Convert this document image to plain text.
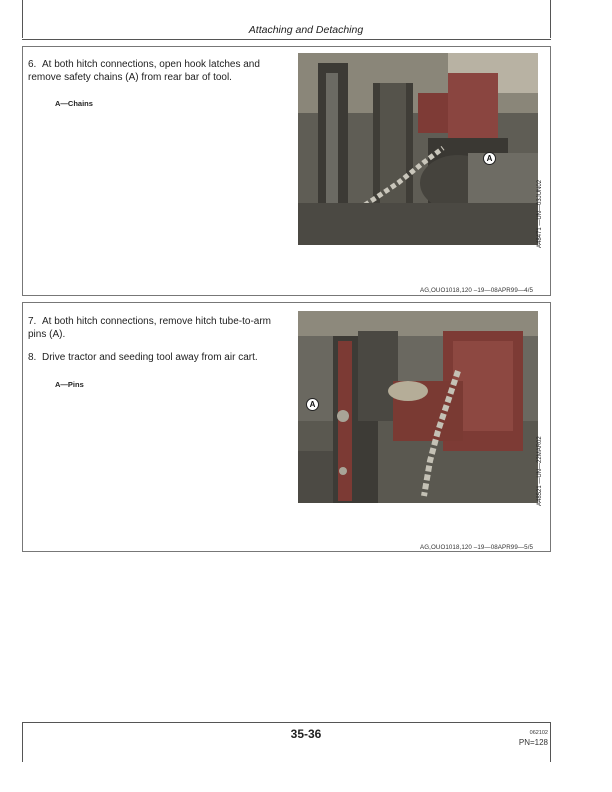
Attaching and Detaching
6. At both hitch connections, open hook latches and remove safety chains (A) from rear bar of tool.
A—Chains
A
A48471 —UN—03JUN02
AG,OUO1018,120 –19—08APR99—4/5
7. At both hitch connections, remove hitch tube-to-arm pins (A).
8. Drive tractor and seeding tool away from air cart.
A—Pins
A
A48521 —UN—22MAR02
AG,OUO1018,120 –19—08APR99—5/5
35-36	062102
PN=128
